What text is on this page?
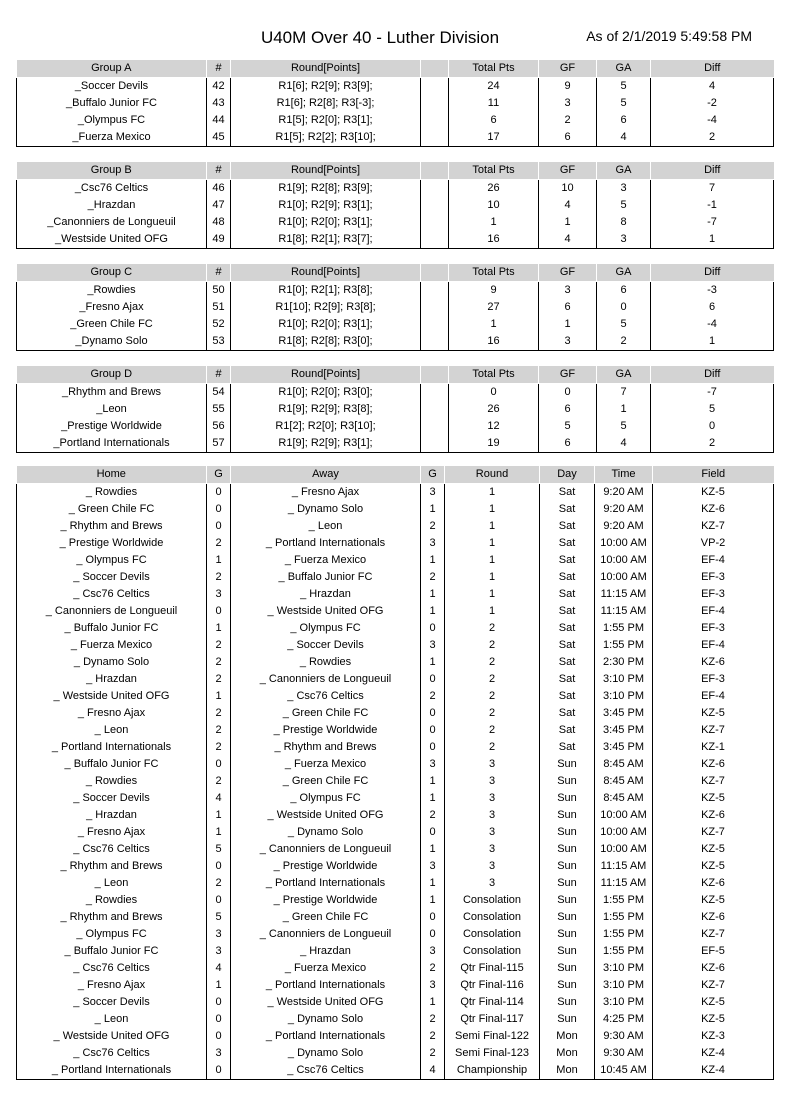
U40M Over 40 - Luther Division	As of 2/1/2019 5:49:58 PM
Group A	#	Round[Points]		Total Pts	GF	GA	Diff
_Soccer Devils	42	R1[6]; R2[9]; R3[9];		24	9	5	4
_Buffalo Junior FC	43	R1[6]; R2[8]; R3[-3];		11	3	5	-2
_Olympus FC	44	R1[5]; R2[0]; R3[1];		6	2	6	-4
_Fuerza Mexico	45	R1[5]; R2[2]; R3[10];		17	6	4	2
Group B	#	Round[Points]		Total Pts	GF	GA	Diff
_Csc76 Celtics	46	R1[9]; R2[8]; R3[9];		26	10	3	7
_Hrazdan	47	R1[0]; R2[9]; R3[1];		10	4	5	-1
_Canonniers de Longueuil	48	R1[0]; R2[0]; R3[1];		1	1	8	-7
_Westside United OFG	49	R1[8]; R2[1]; R3[7];		16	4	3	1
Group C	#	Round[Points]		Total Pts	GF	GA	Diff
_Rowdies	50	R1[0]; R2[1]; R3[8];		9	3	6	-3
_Fresno Ajax	51	R1[10]; R2[9]; R3[8];		27	6	0	6
_Green Chile FC	52	R1[0]; R2[0]; R3[1];		1	1	5	-4
_Dynamo Solo	53	R1[8]; R2[8]; R3[0];		16	3	2	1
Group D	#	Round[Points]		Total Pts	GF	GA	Diff
_Rhythm and Brews	54	R1[0]; R2[0]; R3[0];		0	0	7	-7
_Leon	55	R1[9]; R2[9]; R3[8];		26	6	1	5
_Prestige Worldwide	56	R1[2]; R2[0]; R3[10];		12	5	5	0
_Portland Internationals	57	R1[9]; R2[9]; R3[1];		19	6	4	2
Home	G	Away	G	Round	Day	Time	Field
_ Rowdies	0	_ Fresno Ajax	3	1	Sat	9:20 AM	KZ-5
_ Green Chile FC	0	_ Dynamo Solo	1	1	Sat	9:20 AM	KZ-6
_ Rhythm and Brews	0	_ Leon	2	1	Sat	9:20 AM	KZ-7
_ Prestige Worldwide	2	_ Portland Internationals	3	1	Sat	10:00 AM	VP-2
_ Olympus FC	1	_ Fuerza Mexico	1	1	Sat	10:00 AM	EF-4
_ Soccer Devils	2	_ Buffalo Junior FC	2	1	Sat	10:00 AM	EF-3
_ Csc76 Celtics	3	_ Hrazdan	1	1	Sat	11:15 AM	EF-3
_ Canonniers de Longueuil	0	_ Westside United OFG	1	1	Sat	11:15 AM	EF-4
_ Buffalo Junior FC	1	_ Olympus FC	0	2	Sat	1:55 PM	EF-3
_ Fuerza Mexico	2	_ Soccer Devils	3	2	Sat	1:55 PM	EF-4
_ Dynamo Solo	2	_ Rowdies	1	2	Sat	2:30 PM	KZ-6
_ Hrazdan	2	_ Canonniers de Longueuil	0	2	Sat	3:10 PM	EF-3
_ Westside United OFG	1	_ Csc76 Celtics	2	2	Sat	3:10 PM	EF-4
_ Fresno Ajax	2	_ Green Chile FC	0	2	Sat	3:45 PM	KZ-5
_ Leon	2	_ Prestige Worldwide	0	2	Sat	3:45 PM	KZ-7
_ Portland Internationals	2	_ Rhythm and Brews	0	2	Sat	3:45 PM	KZ-1
_ Buffalo Junior FC	0	_ Fuerza Mexico	3	3	Sun	8:45 AM	KZ-6
_ Rowdies	2	_ Green Chile FC	1	3	Sun	8:45 AM	KZ-7
_ Soccer Devils	4	_ Olympus FC	1	3	Sun	8:45 AM	KZ-5
_ Hrazdan	1	_ Westside United OFG	2	3	Sun	10:00 AM	KZ-6
_ Fresno Ajax	1	_ Dynamo Solo	0	3	Sun	10:00 AM	KZ-7
_ Csc76 Celtics	5	_ Canonniers de Longueuil	1	3	Sun	10:00 AM	KZ-5
_ Rhythm and Brews	0	_ Prestige Worldwide	3	3	Sun	11:15 AM	KZ-5
_ Leon	2	_ Portland Internationals	1	3	Sun	11:15 AM	KZ-6
_ Rowdies	0	_ Prestige Worldwide	1	Consolation	Sun	1:55 PM	KZ-5
_ Rhythm and Brews	5	_ Green Chile FC	0	Consolation	Sun	1:55 PM	KZ-6
_ Olympus FC	3	_ Canonniers de Longueuil	0	Consolation	Sun	1:55 PM	KZ-7
_ Buffalo Junior FC	3	_ Hrazdan	3	Consolation	Sun	1:55 PM	EF-5
_ Csc76 Celtics	4	_ Fuerza Mexico	2	Qtr Final-115	Sun	3:10 PM	KZ-6
_ Fresno Ajax	1	_ Portland Internationals	3	Qtr Final-116	Sun	3:10 PM	KZ-7
_ Soccer Devils	0	_ Westside United OFG	1	Qtr Final-114	Sun	3:10 PM	KZ-5
_ Leon	0	_ Dynamo Solo	2	Qtr Final-117	Sun	4:25 PM	KZ-5
_ Westside United OFG	0	_ Portland Internationals	2	Semi Final-122	Mon	9:30 AM	KZ-3
_ Csc76 Celtics	3	_ Dynamo Solo	2	Semi Final-123	Mon	9:30 AM	KZ-4
_ Portland Internationals	0	_ Csc76 Celtics	4	Championship	Mon	10:45 AM	KZ-4
